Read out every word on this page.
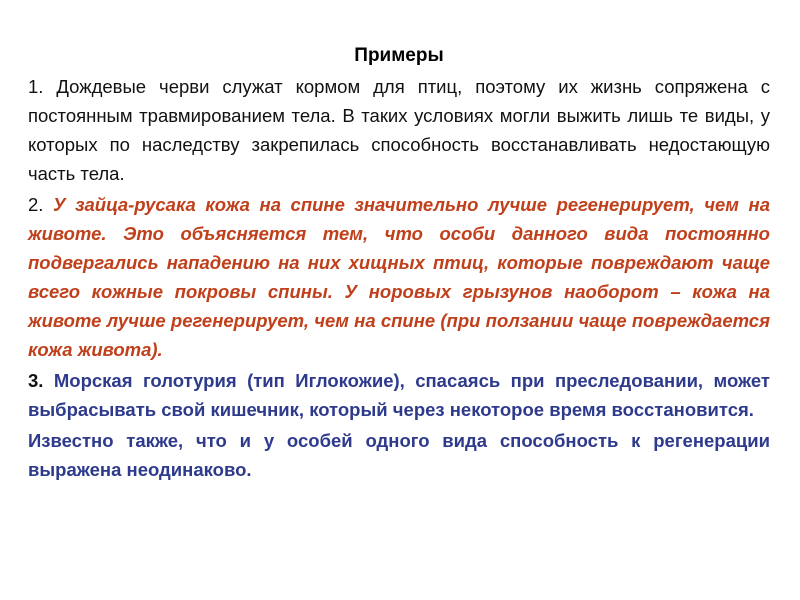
Примеры

1. Дождевые черви служат кормом для птиц, поэтому их жизнь сопряжена с постоянным травмированием тела. В таких условиях могли выжить лишь те виды, у которых по наследству закрепилась способность восстанавливать недостающую часть тела.

2. У зайца-русака кожа на спине значительно лучше регенерирует, чем на животе. Это объясняется тем, что особи данного вида постоянно подвергались нападению на них хищных птиц, которые повреждают чаще всего кожные покровы спины. У норовых грызунов наоборот – кожа на животе лучше регенерирует, чем на спине (при ползании чаще повреждается кожа живота).

3. Морская голотурия (тип Иглокожие), спасаясь при преследовании, может выбрасывать свой кишечник, который через некоторое время восстановится.

Известно также, что и у особей одного вида способность к регенерации выражена неодинаково.
